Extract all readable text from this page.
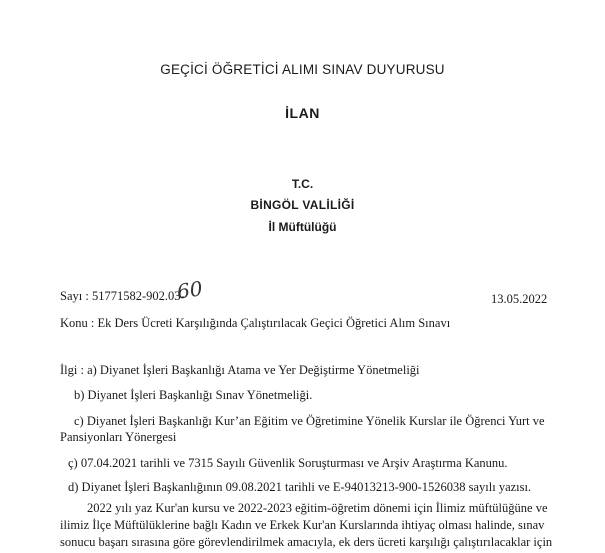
GEÇİCİ ÖĞRETİCİ ALIMI SINAV DUYURUSU
İLAN
T.C.
BİNGÖL VALİLİĞİ
İl Müftülüğü
Sayı : 51771582-902.03-
60	13.05.2022
Konu : Ek Ders Ücreti Karşılığında Çalıştırılacak Geçici Öğretici Alım Sınavı
İlgi : a) Diyanet İşleri Başkanlığı Atama ve Yer Değiştirme Yönetmeliği
b) Diyanet İşleri Başkanlığı Sınav Yönetmeliği.
c) Diyanet İşleri Başkanlığı Kur’an Eğitim ve Öğretimine Yönelik Kurslar ile Öğrenci Yurt ve
Pansiyonları Yönergesi
ç) 07.04.2021 tarihli ve 7315 Sayılı Güvenlik Soruşturması ve Arşiv Araştırma Kanunu.
d) Diyanet İşleri Başkanlığının 09.08.2021 tarihli ve E-94013213-900-1526038 sayılı yazısı.
2022 yılı yaz Kur'an kursu ve 2022-2023 eğitim-öğretim dönemi için İlimiz müftülüğüne ve
ilimiz İlçe Müftülüklerine bağlı Kadın ve Erkek Kur'an Kurslarında ihtiyaç olması halinde, sınav
sonucu başarı sırasına göre görevlendirilmek amacıyla, ek ders ücreti karşılığı çalıştırılacaklar için
